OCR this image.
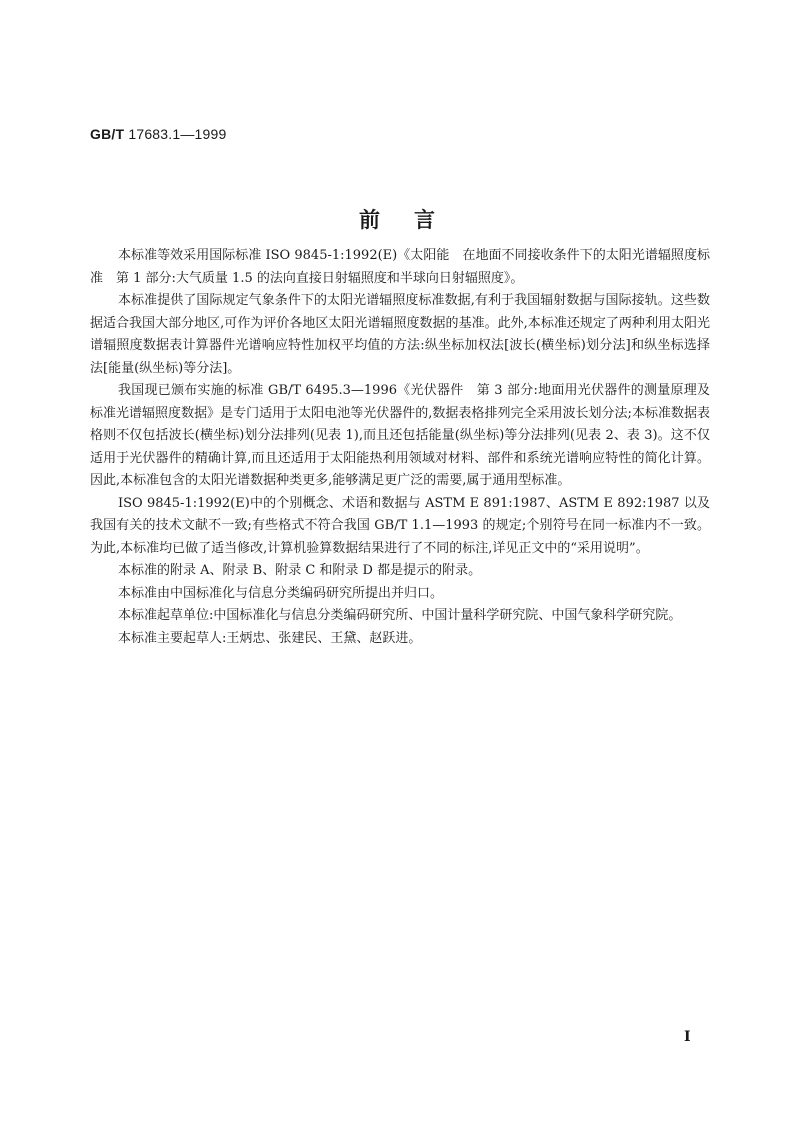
GB/T 17683.1—1999
前言

本标准等效采用国际标准 ISO 9845-1:1992(E)《太阳能　在地面不同接收条件下的太阳光谱辐照度标准　第 1 部分:大气质量 1.5 的法向直接日射辐照度和半球向日射辐照度》。

本标准提供了国际规定气象条件下的太阳光谱辐照度标准数据,有利于我国辐射数据与国际接轨。这些数据适合我国大部分地区,可作为评价各地区太阳光谱辐照度数据的基准。此外,本标准还规定了两种利用太阳光谱辐照度数据表计算器件光谱响应特性加权平均值的方法:纵坐标加权法[波长(横坐标)划分法]和纵坐标选择法[能量(纵坐标)等分法]。

我国现已颁布实施的标准 GB/T 6495.3—1996《光伏器件　第 3 部分:地面用光伏器件的测量原理及标准光谱辐照度数据》是专门适用于太阳电池等光伏器件的,数据表格排列完全采用波长划分法;本标准数据表格则不仅包括波长(横坐标)划分法排列(见表 1),而且还包括能量(纵坐标)等分法排列(见表 2、表 3)。这不仅适用于光伏器件的精确计算,而且还适用于太阳能热利用领域对材料、部件和系统光谱响应特性的简化计算。因此,本标准包含的太阳光谱数据种类更多,能够满足更广泛的需要,属于通用型标准。

ISO 9845-1:1992(E)中的个别概念、术语和数据与 ASTM E 891:1987、ASTM E 892:1987 以及我国有关的技术文献不一致;有些格式不符合我国 GB/T 1.1—1993 的规定;个别符号在同一标准内不一致。为此,本标准均已做了适当修改,计算机验算数据结果进行了不同的标注,详见正文中的“采用说明”。

本标准的附录 A、附录 B、附录 C 和附录 D 都是提示的附录。

本标准由中国标准化与信息分类编码研究所提出并归口。

本标准起草单位:中国标准化与信息分类编码研究所、中国计量科学研究院、中国气象科学研究院。

本标准主要起草人:王炳忠、张建民、王黛、赵跃进。

Ⅰ
